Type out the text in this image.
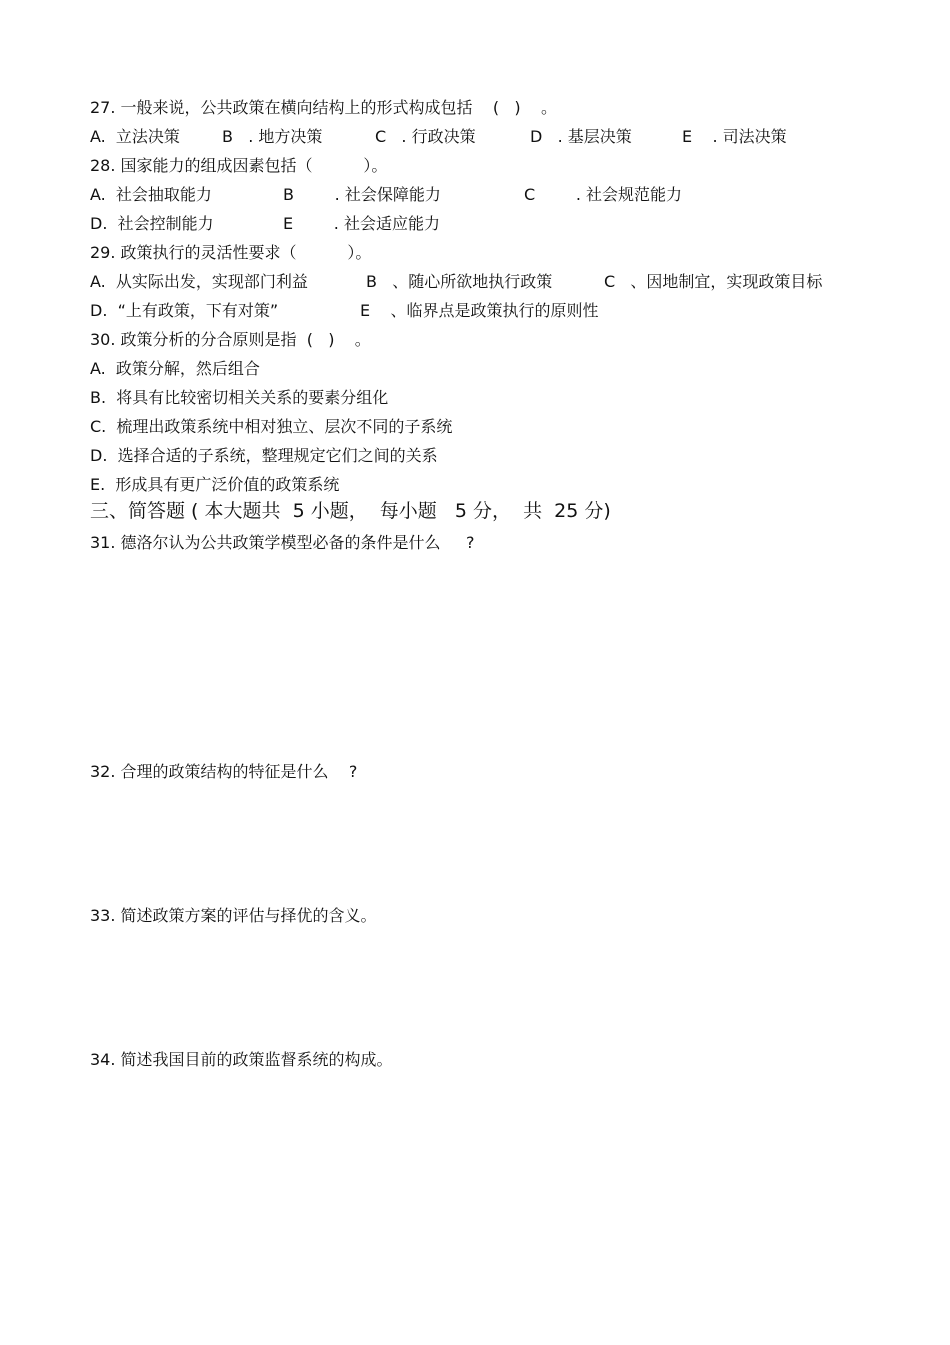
27. 一般来说，公共政策在横向结构上的形式构成包括    (   )    。

A.  立法决策

	B   . 地方决策

	C   . 行政决策

	D   . 基层决策

	E    . 司法决策

28. 国家能力的组成因素包括（          ）。

A.  社会抽取能力

	B        . 社会保障能力

	C        . 社会规范能力

D.  社会控制能力

	E        . 社会适应能力

29. 政策执行的灵活性要求（          ）。

A.  从实际出发，实现部门利益

	B   、随心所欲地执行政策

	C   、因地制宜，实现政策目标

D.  “上有政策，下有对策”

	E    、临界点是政策执行的原则性

30. 政策分析的分合原则是指  (   )    。
A.  政策分解，然后组合
B.  将具有比较密切相关关系的要素分组化
C.  梳理出政策系统中相对独立、层次不同的子系统
D.  选择合适的子系统，整理规定它们之间的关系
E.  形成具有更广泛价值的政策系统
三、简答题 ( 本大题共  5 小题，  每小题   5 分，  共  25 分)
31. 德洛尔认为公共政策学模型必备的条件是什么     ?
32. 合理的政策结构的特征是什么    ?
33. 简述政策方案的评估与择优的含义。
34. 简述我国目前的政策监督系统的构成。
